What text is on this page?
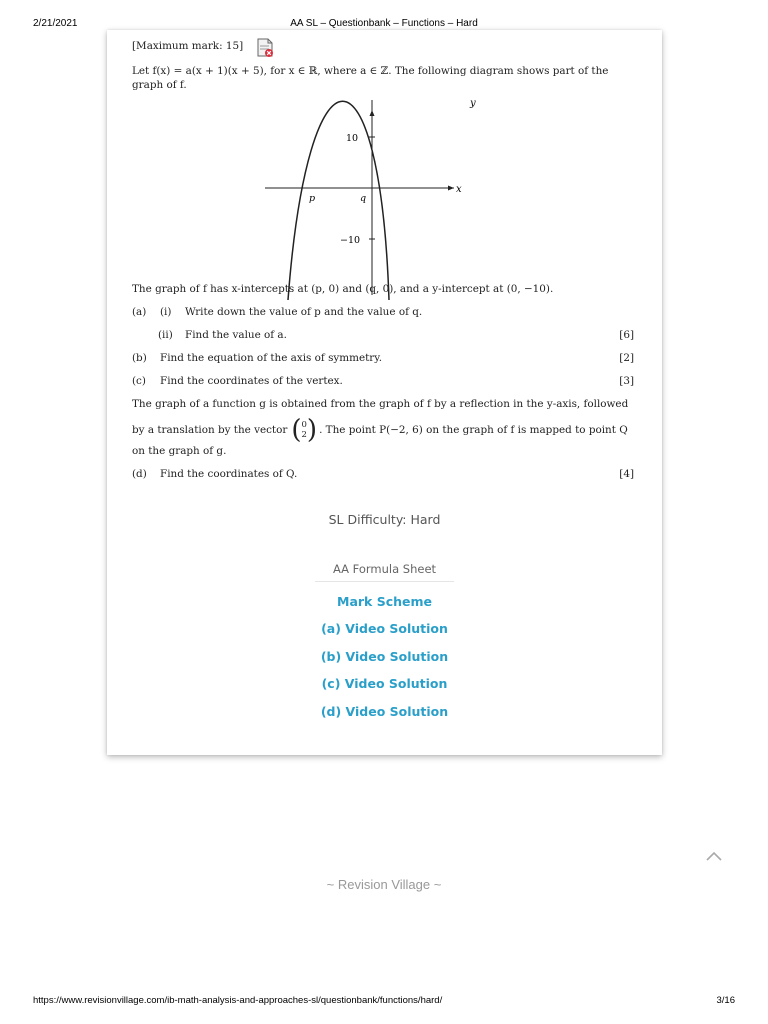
2/21/2021	AA SL – Questionbank – Functions – Hard
[Maximum mark: 15]
Let f(x) = a(x + 1)(x + 5), for x ∈ ℝ, where a ∈ ℤ. The following diagram shows part of the
graph of f.
y
x
10
−10
p	q
The graph of f has x-intercepts at (p, 0) and (q, 0), and a y-intercept at (0, −10).
(a) (i) Write down the value of p and the value of q.
(ii) Find the value of a.	[6]
(b) Find the equation of the axis of symmetry.	[2]
(c) Find the coordinates of the vertex.	[3]
The graph of a function g is obtained from the graph of f by a reflection in the y-axis, followed
by a translation by the vector ( 0
2 ) . The point P(−2, 6) on the graph of f is mapped to point Q
on the graph of g.
(d) Find the coordinates of Q.	[4]
SL Difficulty: Hard
AA Formula Sheet
Mark Scheme
(a) Video Solution
(b) Video Solution
(c) Video Solution
(d) Video Solution
~ Revision Village ~
https://www.revisionvillage.com/ib-math-analysis-and-approaches-sl/questionbank/functions/hard/	3/16
